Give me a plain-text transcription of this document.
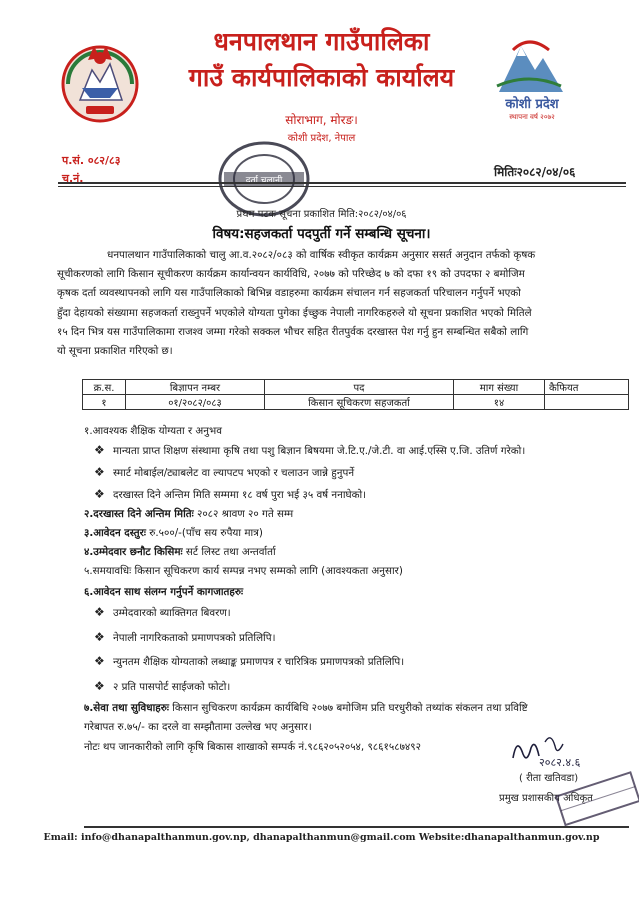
कोशी प्रदेश
स्थापना वर्ष २०७२
धनपालथान गाउँपालिका
गाउँ कार्यपालिकाको कार्यालय
सोराभाग, मोरङ।
कोशी प्रदेश, नेपाल
प.सं. ०८२/८३
च.नं.	मितिः२०८२/०४/०६
दर्ता चलानी
प्रथम पटक सूचना प्रकाशित मिति:२०८२/०४/०६
विषय:सहजकर्ता पदपुर्ती गर्ने सम्बन्धि सूचना।
धनपालथान गाउँपालिकाको चालु आ.व.२०८२/०८३ को वार्षिक स्वीकृत कार्यक्रम अनुसार ससर्त अनुदान तर्फको कृषक
सूचीकरणको लागि किसान सूचीकरण कार्यक्रम कार्यान्वयन कार्यविधि, २०७७ को परिच्छेद ७ को दफा १९ को उपदफा २ बमोजिम
कृषक दर्ता व्यवस्थापनको लागि यस गाउँपालिकाको बिभिन्न वडाहरुमा कार्यक्रम संचालन गर्न सहजकर्ता परिचालन गर्नुपर्ने भएको
हुँदा देहायको संख्यामा सहजकर्ता राख्नुपर्ने भएकोले योग्यता पुगेका ईच्छुक नेपाली नागरिकहरुले यो सूचना प्रकाशित भएको मितिले
१५ दिन भित्र यस गाउँपालिकामा राजश्व जम्मा गरेको सक्कल भौचर सहित रीतपुर्वक दरखास्त पेश गर्नु हुन सम्बन्धित सबैको लागि
यो सूचना प्रकाशित गरिएको छ।
क्र.स.	बिज्ञापन नम्बर	पद	माग संख्या	कैफियत
१	०१/२०८२/०८३	किसान सूचिकरण सहजकर्ता	१४	
१.आवश्यक शैक्षिक योग्यता र अनुभव
❖ मान्यता प्राप्त शिक्षण संस्थामा कृषि तथा पशु बिज्ञान बिषयमा जे.टि.ए./जे.टी. वा आई.एस्सि ए.जि. उतिर्ण गरेको।
❖ स्मार्ट मोबाईल/ट्याबलेट वा ल्यापटप भएको र चलाउन जान्ने हुनुपर्ने
❖ दरखास्त दिने अन्तिम मिति सम्ममा १८ वर्ष पुरा भई ३५ वर्ष ननाघेको।
२.दरखास्त दिने अन्तिम मितिः २०८२ श्रावण २० गते सम्म
३.आवेदन दस्तुरः रु.५००/-(पाँच सय रुपैया मात्र)
४.उम्मेदवार छनौट किसिमः सर्ट लिस्ट तथा अन्तर्वार्ता
५.समयावधिः किसान सूचिकरण कार्य सम्पन्न नभए सम्मको लागि (आवश्यकता अनुसार)
६.आवेदन साथ संलग्न गर्नुपर्ने कागजातहरुः
❖ उम्मेदवारको ब्याक्तिगत बिवरण।
❖ नेपाली नागरिकताको प्रमाणपत्रको प्रतिलिपि।
❖ न्युनतम शैक्षिक योग्यताको लब्धाङ्क प्रमाणपत्र र चारित्रिक प्रमाणपत्रको प्रतिलिपि।
❖ २ प्रति पासपोर्ट साईजको फोटो।
७.सेवा तथा सुविधाहरुः किसान सुचिकरण कार्यक्रम कार्यबिधि २०७७ बमोजिम प्रति घरधुरीको तथ्यांक संकलन तथा प्रविष्टि
गरेबापत रु.७५/- का दरले वा सम्झौतामा उल्लेख भए अनुसार।
नोटः थप जानकारीको लागि कृषि बिकास शाखाको सम्पर्क नं.९८६२०५२०५४, ९८६१५८७४९२
२०८२.४.६
( रीता खतिवडा)
प्रमुख प्रशासकीय अधिकृत
Email: info@dhanapalthanmun.gov.np, dhanapalthanmun@gmail.com Website:dhanapalthanmun.gov.np
